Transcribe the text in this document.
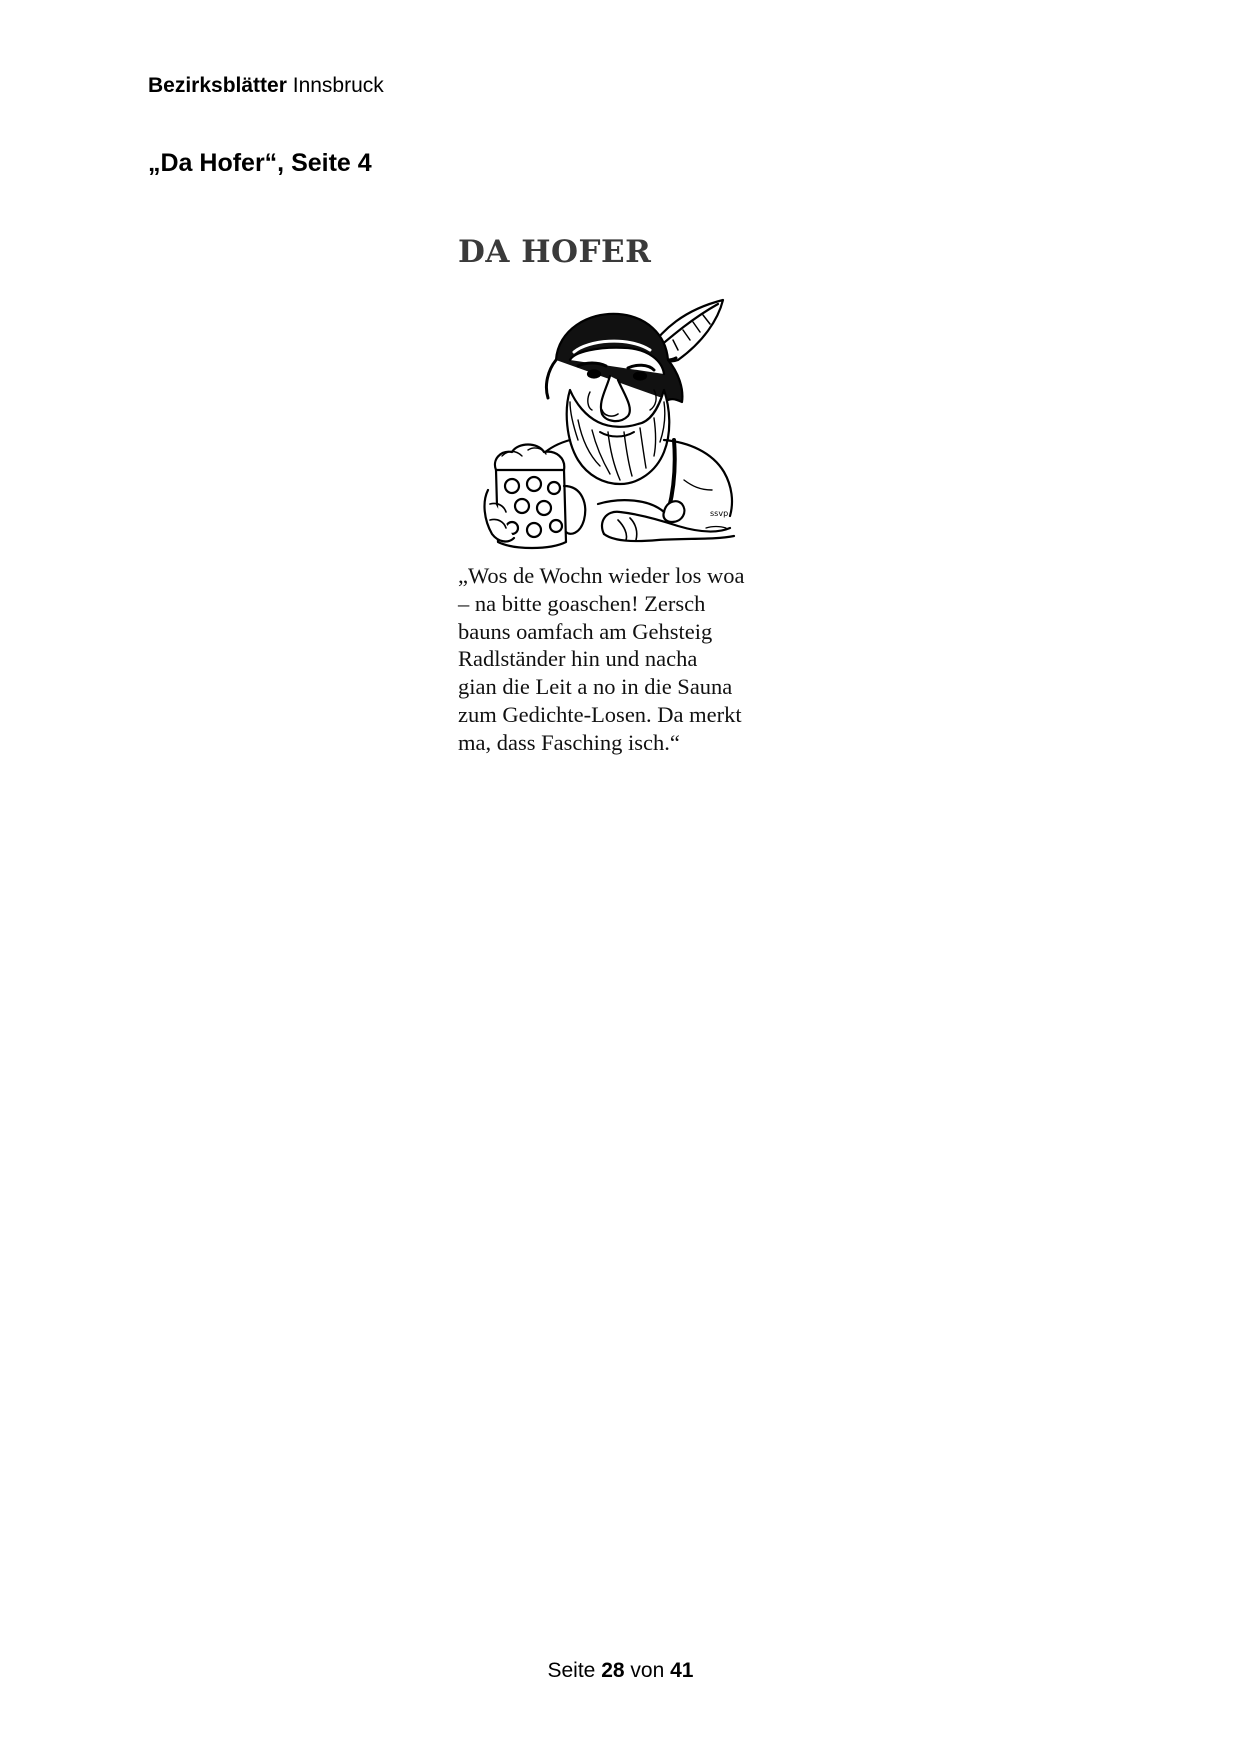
Bezirksblätter Innsbruck
„Da Hofer“, Seite 4
DA HOFER
ssvp
„Wos de Wochn wieder los woa
– na bitte goaschen! Zersch
bauns oamfach am Gehsteig
Radlständer hin und nacha
gian die Leit a no in die Sauna
zum Gedichte-Losen. Da merkt
ma, dass Fasching isch.“
Seite 28 von 41
